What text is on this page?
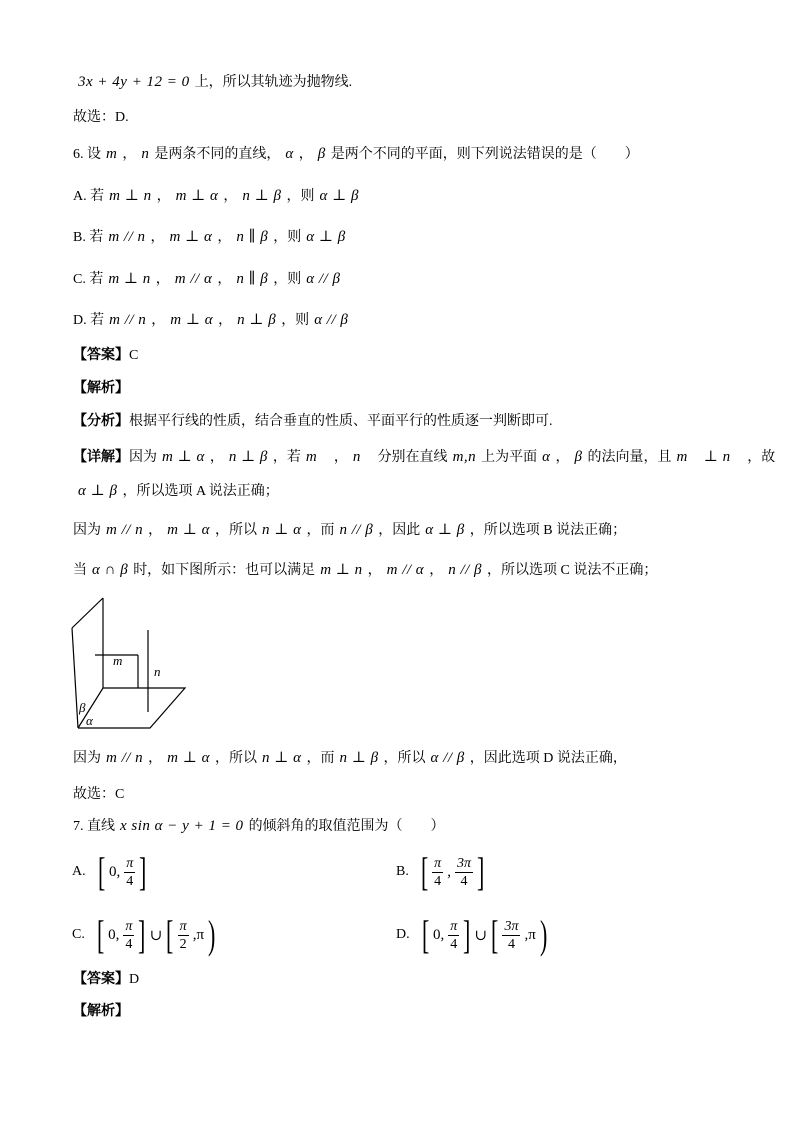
3x + 4y + 12 = 0 上，所以其轨迹为抛物线.
故选：D.
6. 设 m ， n 是两条不同的直线， α ， β 是两个不同的平面，则下列说法错误的是（　　）
A. 若 m ⊥ n ， m ⊥ α ， n ⊥ β ，则 α ⊥ β
B. 若 m // n ， m ⊥ α ， n ∥ β ，则 α ⊥ β
C. 若 m ⊥ n ， m // α ， n ∥ β ，则 α // β
D. 若 m // n ， m ⊥ α ， n ⊥ β ，则 α // β
【答案】C
【解析】
【分析】根据平行线的性质，结合垂直的性质、平面平行的性质逐一判断即可.
【详解】因为 m ⊥ α ， n ⊥ β ，若 m⃗ ， n⃗ 分别在直线 m,n 上为平面 α ， β 的法向量，且 m⃗ ⊥ n⃗ ，故
α ⊥ β ，所以选项 A 说法正确；
因为 m // n ， m ⊥ α ，所以 n ⊥ α ，而 n // β ，因此 α ⊥ β ，所以选项 B 说法正确；
当 α ∩ β 时，如下图所示：也可以满足 m ⊥ n ， m // α ， n // β ，所以选项 C 说法不正确；
m
n
β
α
因为 m // n ， m ⊥ α ，所以 n ⊥ α ，而 n ⊥ β ，所以 α // β ，因此选项 D 说法正确，
故选：C
7. 直线 x sin α − y + 1 = 0 的倾斜角的取值范围为（　　）
A. [ 0, $\frac{\pi}{4}$ ]	B. [ $\frac{\pi}{4}$ , $\frac{3\pi}{4}$ ]
C. [ 0, $\frac{\pi}{4}$ ] ∪ [ $\frac{\pi}{2} ,\pi$ )	D. [ 0, $\frac{\pi}{4}$ ] ∪ [ $\frac{3\pi}{4} ,\pi$ )
【答案】D
【解析】
